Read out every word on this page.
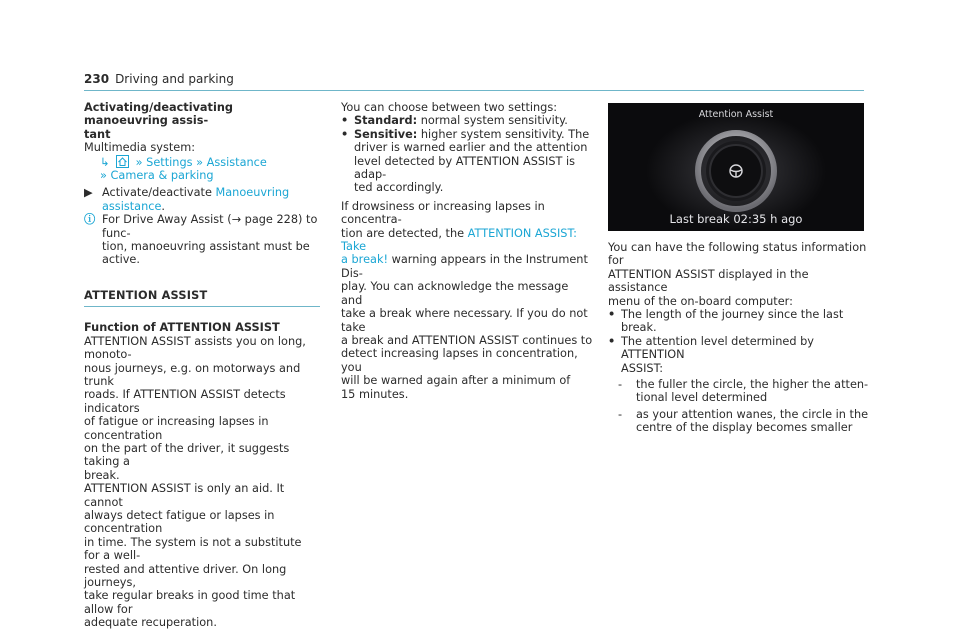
230 Driving and parking

Activating/deactivating manoeuvring assis-
tant

Multimedia system:

↳ » Settings » Assistance

» Camera & parking

▶ Activate/deactivate Manoeuvring assistance.

ⓘ For Drive Away Assist (→ page 228) to func-
tion, manoeuvring assistant must be active.

ATTENTION ASSIST

Function of ATTENTION ASSIST

ATTENTION ASSIST assists you on long, monoto-
nous journeys, e.g. on motorways and trunk
roads. If ATTENTION ASSIST detects indicators
of fatigue or increasing lapses in concentration
on the part of the driver, it suggests taking a
break.

ATTENTION ASSIST is only an aid. It cannot
always detect fatigue or lapses in concentration
in time. The system is not a substitute for a well-
rested and attentive driver. On long journeys,
take regular breaks in good time that allow for
adequate recuperation.

You can choose between two settings:

• Standard: normal system sensitivity.

• Sensitive: higher system sensitivity. The
driver is warned earlier and the attention
level detected by ATTENTION ASSIST is adap-
ted accordingly.

If drowsiness or increasing lapses in concentra-
tion are detected, the ATTENTION ASSIST: Take
a break! warning appears in the Instrument Dis-
play. You can acknowledge the message and
take a break where necessary. If you do not take
a break and ATTENTION ASSIST continues to
detect increasing lapses in concentration, you
will be warned again after a minimum of
15 minutes.

Attention Assist
Last break 02:35 h ago

You can have the following status information for
ATTENTION ASSIST displayed in the assistance
menu of the on-board computer:

• The length of the journey since the last
break.

• The attention level determined by ATTENTION
ASSIST:

- the fuller the circle, the higher the atten-
tional level determined

- as your attention wanes, the circle in the
centre of the display becomes smaller
